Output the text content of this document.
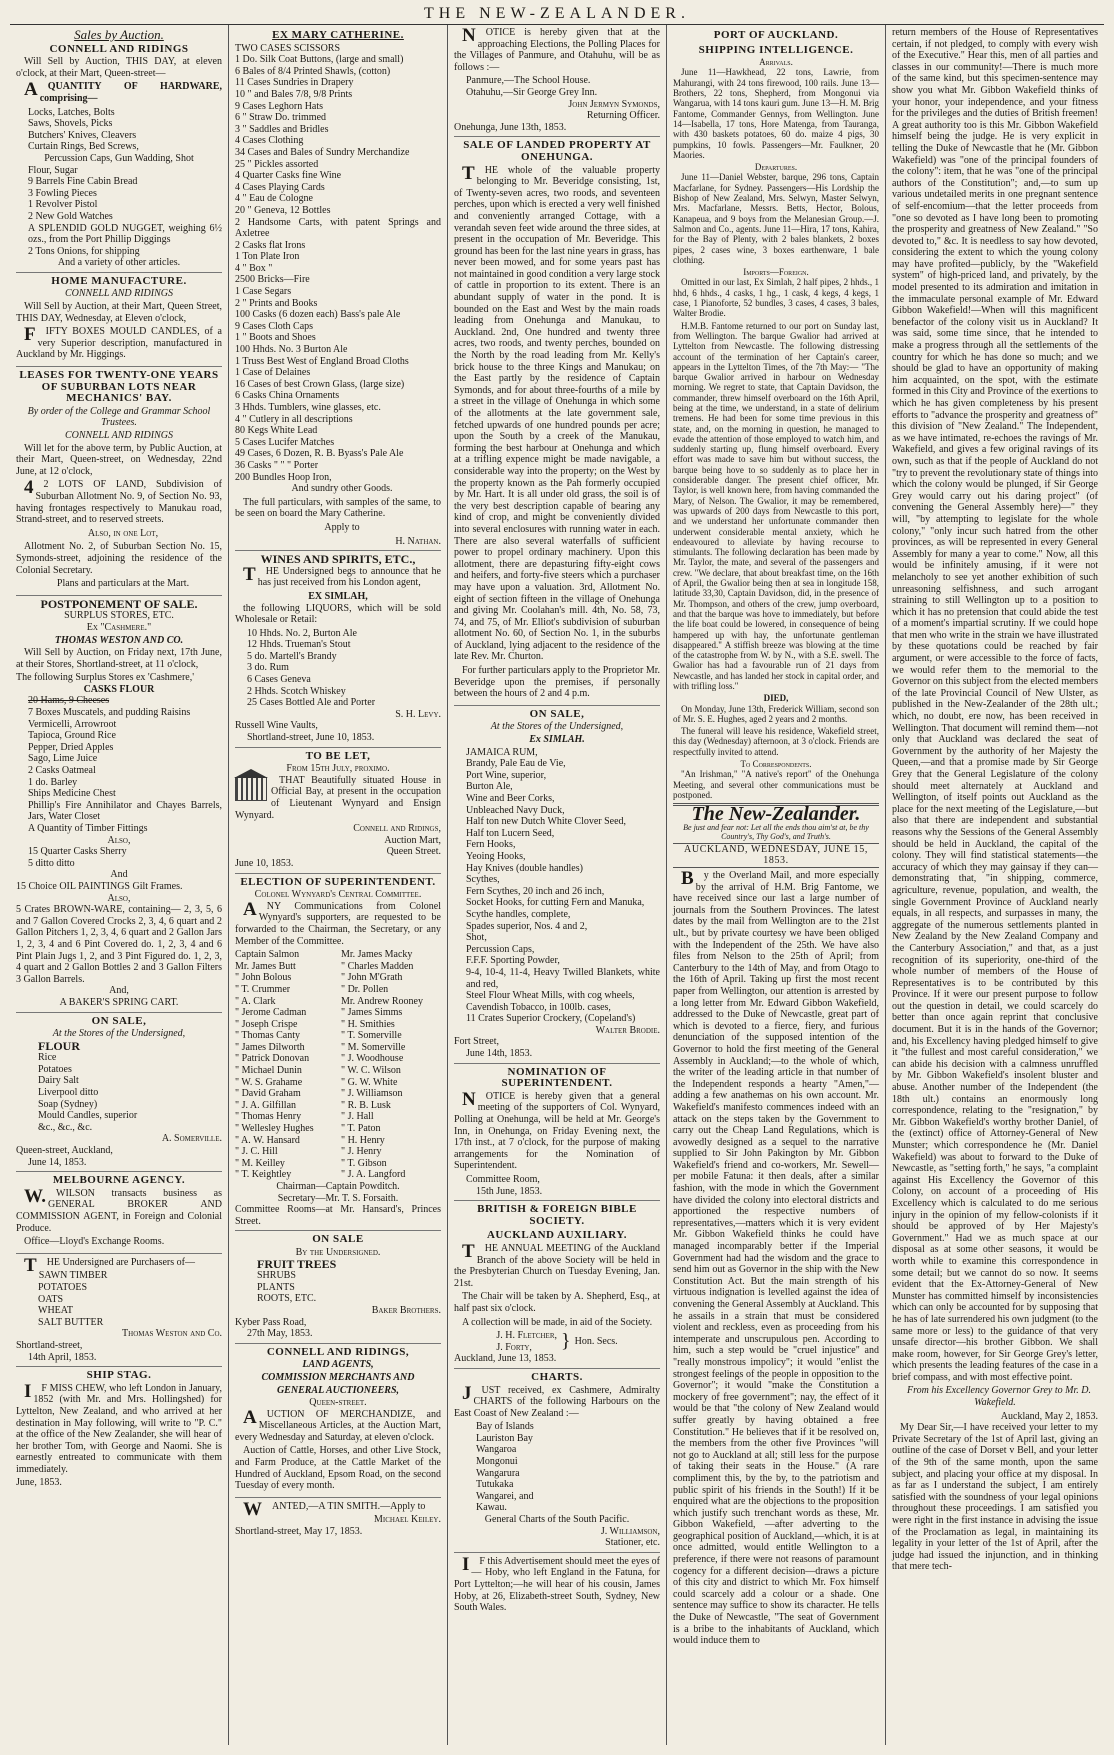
THE NEW-ZEALANDER.
Sales by Auction.
CONNELL AND RIDINGS

Will Sell by Auction, THIS DAY, at eleven o'clock, at their Mart, Queen-street—

AQUANTITY OF HARDWARE, comprising—

Locks, Latches, Bolts

Saws, Shovels, Picks

Butchers' Knives, Cleavers

Curtain Rings, Bed Screws,

Percussion Caps, Gun Wadding, Shot

Flour, Sugar

9 Barrels Fine Cabin Bread

3 Fowling Pieces

1 Revolver Pistol

2 New Gold Watches

A SPLENDID GOLD NUGGET, weighing 6½ ozs., from the Port Phillip Diggings

2 Tons Onions, for shipping

And a variety of other articles.

HOME MANUFACTURE.
CONNELL AND RIDINGS

Will Sell by Auction, at their Mart, Queen Street, THIS DAY, Wednesday, at Eleven o'clock,

FIFTY BOXES MOULD CANDLES, of a very Superior description, manufactured in Auckland by Mr. Higgings.

LEASES FOR TWENTY-ONE YEARS OF SUBURBAN LOTS NEAR MECHANICS' BAY.
By order of the College and Grammar School Trustees.
CONNELL AND RIDINGS

Will let for the above term, by Public Auction, at their Mart, Queen-street, on Wednesday, 22nd June, at 12 o'clock,

42 LOTS OF LAND, Subdivision of Suburban Allotment No. 9, of Section No. 93, having frontages respectively to Manukau road, Strand-street, and to reserved streets.

Also, in one Lot,

Allotment No. 2, of Suburban Section No. 15, Symonds-street, adjoining the residence of the Colonial Secretary.

Plans and particulars at the Mart.

POSTPONEMENT OF SALE.
SURPLUS STORES, ETC.
Ex "Cashmere."
THOMAS WESTON AND CO.

Will Sell by Auction, on Friday next, 17th June, at their Stores, Shortland-street, at 11 o'clock,

The following Surplus Stores ex 'Cashmere,'

CASKS FLOUR

20 Hams, 9 Cheeses

7 Boxes Muscatels, and pudding Raisins

Vermicelli, Arrowroot

Tapioca, Ground Rice

Pepper, Dried Apples

Sago, Lime Juice

2 Casks Oatmeal

1 do. Barley

Ships Medicine Chest

Phillip's Fire Annihilator and Chayes Barrels, Jars, Water Closet

A Quantity of Timber Fittings

Also,

15 Quarter Casks Sherry

5 ditto ditto

And

15 Choice OIL PAINTINGS Gilt Frames.

Also,

5 Crates BROWN-WARE, containing— 2, 3, 5, 6 and 7 Gallon Covered Crocks 2, 3, 4, 6 quart and 2 Gallon Pitchers 1, 2, 3, 4, 6 quart and 2 Gallon Jars 1, 2, 3, 4 and 6 Pint Covered do. 1, 2, 3, 4 and 6 Pint Plain Jugs 1, 2, and 3 Pint Figured do. 1, 2, 3, 4 quart and 2 Gallon Bottles 2 and 3 Gallon Filters 3 Gallon Barrels.

And,

A BAKER'S SPRING CART.

ON SALE,
At the Stores of the Undersigned,

FLOUR

Rice

Potatoes

Dairy Salt

Liverpool ditto

Soap (Sydney)

Mould Candles, superior

&c., &c., &c.

A. Somerville.

Queen-street, Auckland,

June 14, 1853.

MELBOURNE AGENCY.

W.WILSON transacts business as GENERAL BROKER AND COMMISSION AGENT, in Foreign and Colonial Produce.

Office—Lloyd's Exchange Rooms.

THE Undersigned are Purchasers of—

SAWN TIMBER

POTATOES

OATS

WHEAT

SALT BUTTER

Thomas Weston and Co.

Shortland-street,

14th April, 1853.

SHIP STAG.

IF MISS CHEW, who left London in January, 1852 (with Mr. and Mrs. Hollingshed) for Lyttelton, New Zealand, and who arrived at her destination in May following, will write to "P. C." at the office of the New Zealander, she will hear of her brother Tom, with George and Naomi. She is earnestly entreated to communicate with them immediately.

June, 1853.

EX MARY CATHERINE.

TWO CASES SCISSORS

1 Do. Silk Coat Buttons, (large and small)

6 Bales of 8/4 Printed Shawls, (cotton)

11 Cases Sundries in Drapery

10 " and Bales 7/8, 9/8 Prints

9 Cases Leghorn Hats

6 " Straw Do. trimmed

3 " Saddles and Bridles

4 Cases Clothing

34 Cases and Bales of Sundry Merchandize

25 " Pickles assorted

4 Quarter Casks fine Wine

4 Cases Playing Cards

4 " Eau de Cologne

20 " Geneva, 12 Bottles

2 Handsome Carts, with patent Springs and Axletree

2 Casks flat Irons

1 Ton Plate Iron

4 " Box "

2500 Bricks—Fire

1 Case Segars

2 " Prints and Books

100 Casks (6 dozen each) Bass's pale Ale

9 Cases Cloth Caps

1 " Boots and Shoes

100 Hhds. No. 3 Burton Ale

1 Truss Best West of England Broad Cloths

1 Case of Delaines

16 Cases of best Crown Glass, (large size)

6 Casks China Ornaments

3 Hhds. Tumblers, wine glasses, etc.

4 " Cutlery in all descriptions

80 Kegs White Lead

5 Cases Lucifer Matches

49 Cases, 6 Dozen, R. B. Byass's Pale Ale

36 Casks " " " Porter

200 Bundles Hoop Iron,

And sundry other Goods.

The full particulars, with samples of the same, to be seen on board the Mary Catherine.

Apply to

H. Nathan.

WINES AND SPIRITS, ETC.,

THE Undersigned begs to announce that he has just received from his London agent,

EX SIMLAH,

the following LIQUORS, which will be sold Wholesale or Retail:

10 Hhds. No. 2, Burton Ale

12 Hhds. Trueman's Stout

5 do. Martell's Brandy

3 do. Rum

6 Cases Geneva

2 Hhds. Scotch Whiskey

25 Cases Bottled Ale and Porter

S. H. Levy.

Russell Wine Vaults,

Shortland-street, June 10, 1853.

TO BE LET,
From 15th July, proximo.

THAT Beautifully situated House in Official Bay, at present in the occupation of Lieutenant Wynyard and Ensign Wynyard.

Connell and Ridings,

Auction Mart,

Queen Street.

June 10, 1853.

ELECTION OF SUPERINTENDENT.
Colonel Wynyard's Central Committee.

ANY Communications from Colonel Wynyard's supporters, are requested to be forwarded to the Chairman, the Secretary, or any Member of the Committee.

Captain Salmon

Mr. James Butt

" John Bolous

" T. Crummer

" A. Clark

" Jerome Cadman

" Joseph Crispe

" Thomas Canty

" James Dilworth

" Patrick Donovan

" Michael Dunin

" W. S. Grahame

" David Graham

" J. A. Gilfillan

" Thomas Henry

" Wellesley Hughes

" A. W. Hansard

" J. C. Hill

" M. Keilley

" T. Keightley

Mr. James Macky

" Charles Madden

" John M'Grath

" Dr. Pollen

Mr. Andrew Rooney

" James Simms

" H. Smithies

" T. Somerville

" M. Somerville

" J. Woodhouse

" W. C. Wilson

" G. W. White

" J. Williamson

" R. B. Lusk

" J. Hall

" T. Paton

" H. Henry

" J. Henry

" T. Gibson

" J. A. Langford

Chairman—Captain Powditch.

Secretary—Mr. T. S. Forsaith.

Committee Rooms—at Mr. Hansard's, Princes Street.

ON SALE
By the Undersigned.

FRUIT TREES

SHRUBS

PLANTS

ROOTS, ETC.

Baker Brothers.

Kyber Pass Road,

27th May, 1853.

CONNELL AND RIDINGS,
LAND AGENTS,
COMMISSION MERCHANTS AND
GENERAL AUCTIONEERS,
Queen-street.

AUCTION OF MERCHANDIZE, and Miscellaneous Articles, at the Auction Mart, every Wednesday and Saturday, at eleven o'clock.

Auction of Cattle, Horses, and other Live Stock, and Farm Produce, at the Cattle Market of the Hundred of Auckland, Epsom Road, on the second Tuesday of every month.

WANTED,—A TIN SMITH.—Apply to

Michael Keiley.

Shortland-street, May 17, 1853.

NOTICE is hereby given that at the approaching Elections, the Polling Places for the Villages of Panmure, and Otahuhu, will be as follows :—

Panmure,—The School House.

Otahuhu,—Sir George Grey Inn.

John Jermyn Symonds,

Returning Officer.

Onehunga, June 13th, 1853.

SALE OF LANDED PROPERTY AT ONEHUNGA.

THE whole of the valuable property belonging to Mr. Beveridge consisting, 1st, of Twenty-seven acres, two roods, and seventeen perches, upon which is erected a very well finished and conveniently arranged Cottage, with a verandah seven feet wide around the three sides, at present in the occupation of Mr. Beveridge. This ground has been for the last nine years in grass, has never been mowed, and for some years past has not maintained in good condition a very large stock of cattle in proportion to its extent. There is an abundant supply of water in the pond. It is bounded on the East and West by the main roads leading from Onehunga and Manukau, to Auckland. 2nd, One hundred and twenty three acres, two roods, and twenty perches, bounded on the North by the road leading from Mr. Kelly's brick house to the three Kings and Manukau; on the East partly by the residence of Captain Symonds, and for about three-fourths of a mile by a street in the village of Onehunga in which some of the allotments at the late government sale, fetched upwards of one hundred pounds per acre; upon the South by a creek of the Manukau, forming the best harbour at Onehunga and which at a trifling expence might be made navigable, a considerable way into the property; on the West by the property known as the Pah formerly occupied by Mr. Hart. It is all under old grass, the soil is of the very best description capable of bearing any kind of crop, and might be conveniently divided into several enclosures with running water in each. There are also several waterfalls of sufficient power to propel ordinary machinery. Upon this allotment, there are depasturing fifty-eight cows and heifers, and forty-five steers which a purchaser may have upon a valuation. 3rd, Allotment No. eight of section fifteen in the village of Onehunga and giving Mr. Coolahan's mill. 4th, No. 58, 73, 74, and 75, of Mr. Elliot's subdivision of suburban allotment No. 60, of Section No. 1, in the suburbs of Auckland, lying adjacent to the residence of the late Rev. Mr. Churton.

For further particulars apply to the Proprietor Mr. Beveridge upon the premises, if personally between the hours of 2 and 4 p.m.

ON SALE,
At the Stores of the Undersigned,
Ex SIMLAH.

JAMAICA RUM,

Brandy, Pale Eau de Vie,

Port Wine, superior,

Burton Ale,

Wine and Beer Corks,

Unbleached Navy Duck,

Half ton new Dutch White Clover Seed,

Half ton Lucern Seed,

Fern Hooks,

Yeoing Hooks,

Hay Knives (double handles)

Scythes,

Fern Scythes, 20 inch and 26 inch,

Socket Hooks, for cutting Fern and Manuka,

Scythe handles, complete,

Spades superior, Nos. 4 and 2,

Shot,

Percussion Caps,

F.F.F. Sporting Powder,

9-4, 10-4, 11-4, Heavy Twilled Blankets, white and red,

Steel Flour Wheat Mills, with cog wheels,

Cavendish Tobacco, in 100lb. cases,

11 Crates Superior Crockery, (Copeland's)

Walter Brodie.

Fort Street,

June 14th, 1853.

NOMINATION OF SUPERINTENDENT.

NOTICE is hereby given that a general meeting of the supporters of Col. Wynyard, Polling at Onehunga, will be held at Mr. George's Inn, in Onehunga, on Friday Evening next, the 17th inst., at 7 o'clock, for the purpose of making arrangements for the Nomination of Superintendent.

Committee Room,

15th June, 1853.

BRITISH & FOREIGN BIBLE SOCIETY.
AUCKLAND AUXILIARY.

THE ANNUAL MEETING of the Auckland Branch of the above Society will be held in the Presbyterian Church on Tuesday Evening, Jan. 21st.

The Chair will be taken by A. Shepherd, Esq., at half past six o'clock.

A collection will be made, in aid of the Society.

J. H. Fletcher,

J. Forty,	} Hon. Secs.

Auckland, June 13, 1853.

CHARTS.

JUST received, ex Cashmere, Admiralty CHARTS of the following Harbours on the East Coast of New Zealand :—

Bay of Islands

Lauriston Bay

Wangaroa

Mongonui

Wangarura

Tutukaka

Wangarei, and

Kawau.

General Charts of the South Pacific.

J. Williamson,

Stationer, etc.

IF this Advertisement should meet the eyes of — Hoby, who left England in the Fatuna, for Port Lyttelton;—he will hear of his cousin, James Hoby, at 26, Elizabeth-street South, Sydney, New South Wales.

PORT OF AUCKLAND.
SHIPPING INTELLIGENCE.
Arrivals.

June 11—Hawkhead, 22 tons, Lawrie, from Mahurangi, with 24 tons firewood, 100 rails. June 13—Brothers, 22 tons, Shepherd, from Mongonui via Wangarua, with 14 tons kauri gum. June 13—H. M. Brig Fantome, Commander Gennys, from Wellington. June 14—Isabella, 17 tons, Hore Matenga, from Tauranga, with 430 baskets potatoes, 60 do. maize 4 pigs, 30 pumpkins, 10 fowls. Passengers—Mr. Faulkner, 20 Maories.

Departures.

June 11—Daniel Webster, barque, 296 tons, Captain Macfarlane, for Sydney. Passengers—His Lordship the Bishop of New Zealand, Mrs. Selwyn, Master Selwyn, Mrs. Macfarlane, Messrs. Betts, Hector, Bolous, Kanapeua, and 9 boys from the Melanesian Group.—J. Salmon and Co., agents. June 11—Hira, 17 tons, Kahira, for the Bay of Plenty, with 2 bales blankets, 2 boxes pipes, 2 cases wine, 3 boxes earthenware, 1 bale clothing.

Imports—Foreign.

Omitted in our last, Ex Simlah, 2 half pipes, 2 hhds., 1 hhd, 6 hhds., 4 casks, 1 hg., 1 cask, 4 kegs, 4 kegs, 1 case, 1 Pianoforte, 52 bundles, 3 cases, 4 cases, 3 bales, Walter Brodie.

H.M.B. Fantome returned to our port on Sunday last, from Wellington. The barque Gwalior had arrived at Lyttelton from Newcastle. The following distressing account of the termination of her Captain's career, appears in the Lyttelton Times, of the 7th May:— "The barque Gwalior arrived in harbour on Wednesday morning. We regret to state, that Captain Davidson, the commander, threw himself overboard on the 16th April, being at the time, we understand, in a state of delirium tremens. He had been for some time previous in this state, and, on the morning in question, he managed to evade the attention of those employed to watch him, and suddenly starting up, flung himself overboard. Every effort was made to save him but without success, the barque being hove to so suddenly as to place her in considerable danger. The present chief officer, Mr. Taylor, is well known here, from having commanded the Mary, of Nelson. The Gwalior, it may be remembered, was upwards of 200 days from Newcastle to this port, and we understand her unfortunate commander then underwent considerable mental anxiety, which he endeavoured to alleviate by having recourse to stimulants. The following declaration has been made by Mr. Taylor, the mate, and several of the passengers and crew. "We declare, that about breakfast time, on the 16th of April, the Gwalior being then at sea in longitude 158, latitude 33,30, Captain Davidson, did, in the presence of Mr. Thompson, and others of the crew, jump overboard, and that the barque was hove to immediately, but before the life boat could be lowered, in consequence of being hampered up with hay, the unfortunate gentleman disappeared." A stiffish breeze was blowing at the time of the catastrophe from W. by N., with a S.E. swell. The Gwalior has had a favourable run of 21 days from Newcastle, and has landed her stock in capital order, and with trifling loss."

DIED,

On Monday, June 13th, Frederick William, second son of Mr. S. E. Hughes, aged 2 years and 2 months.

The funeral will leave his residence, Wakefield street, this day (Wednesday) afternoon, at 3 o'clock. Friends are respectfully invited to attend.

To Correspondents.

"An Irishman," "A native's report" of the Onehunga Meeting, and several other communications must be postponed.

The New-Zealander.
Be just and fear not: Let all the ends thou aim'st at, be thy Country's, Thy God's, and Truth's.
AUCKLAND, WEDNESDAY, JUNE 15, 1853.

By the Overland Mail, and more especially by the arrival of H.M. Brig Fantome, we have received since our last a large number of journals from the Southern Provinces. The latest dates by the mail from Wellington are to the 21st ult., but by private courtesy we have been obliged with the Independent of the 25th. We have also files from Nelson to the 25th of April; from Canterbury to the 14th of May, and from Otago to the 16th of April. Taking up first the most recent paper from Wellington, our attention is arrested by a long letter from Mr. Edward Gibbon Wakefield, addressed to the Duke of Newcastle, great part of which is devoted to a fierce, fiery, and furious denunciation of the supposed intention of the Governor to hold the first meeting of the General Assembly in Auckland;—to the whole of which, the writer of the leading article in that number of the Independent responds a hearty "Amen,"—adding a few anathemas on his own account. Mr. Wakefield's manifesto commences indeed with an attack on the steps taken by the Government to carry out the Cheap Land Regulations, which is avowedly designed as a sequel to the narrative supplied to Sir John Pakington by Mr. Gibbon Wakefield's friend and co-workers, Mr. Sewell—per mobile Fatuna: it then deals, after a similar fashion, with the mode in which the Government have divided the colony into electoral districts and apportioned the respective numbers of representatives,—matters which it is very evident Mr. Gibbon Wakefield thinks he could have managed incomparably better if the Imperial Government had had the wisdom and the grace to send him out as Governor in the ship with the New Constitution Act. But the main strength of his virtuous indignation is levelled against the idea of convening the General Assembly at Auckland. This he assails in a strain that must be considered violent and reckless, even as proceeding from his intemperate and unscrupulous pen. According to him, such a step would be "cruel injustice" and "really monstrous impolicy"; it would "enlist the strongest feelings of the people in opposition to the Governor"; it would "make the Constitution a mockery of free government"; nay, the effect of it would be that "the colony of New Zealand would suffer greatly by having obtained a free Constitution." He believes that if it be resolved on, the members from the other five Provinces "will not go to Auckland at all; still less for the purpose of taking their seats in the House." (A rare compliment this, by the by, to the patriotism and public spirit of his friends in the South!) If it be enquired what are the objections to the proposition which justify such trenchant words as these, Mr. Gibbon Wakefield, —after adverting to the geographical position of Auckland,—which, it is at once admitted, would entitle Wellington to a preference, if there were not reasons of paramount cogency for a different decision—draws a picture of this city and district to which Mr. Fox himself could scarcely add a colour or a shade. One sentence may suffice to show its character. He tells the Duke of Newcastle, "The seat of Government is a bribe to the inhabitants of Auckland, which would induce them to

return members of the House of Representatives certain, if not pledged, to comply with every wish of the Executive." Hear this, men of all parties and classes in our community!—There is much more of the same kind, but this specimen-sentence may show you what Mr. Gibbon Wakefield thinks of your honor, your independence, and your fitness for the privileges and the duties of British freemen! A great authority too is this Mr. Gibbon Wakefield himself being the judge. He is very explicit in telling the Duke of Newcastle that he (Mr. Gibbon Wakefield) was "one of the principal founders of the colony": item, that he was "one of the principal authors of the Constitution"; and,—to sum up various undetailed merits in one pregnant sentence of self-encomium—that the letter proceeds from "one so devoted as I have long been to promoting the prosperity and greatness of New Zealand." "So devoted to," &c. It is needless to say how devoted, considering the extent to which the young colony may have profited—publicly, by the "Wakefield system" of high-priced land, and privately, by the model presented to its admiration and imitation in the immaculate personal example of Mr. Edward Gibbon Wakefield!—When will this magnificent benefactor of the colony visit us in Auckland? It was said, some time since, that he intended to make a progress through all the settlements of the country for which he has done so much; and we should be glad to have an opportunity of making him acquainted, on the spot, with the estimate formed in this City and Province of the exertions to which he has given completeness by his present efforts to "advance the prosperity and greatness of" this division of "New Zealand." The Independent, as we have intimated, re-echoes the ravings of Mr. Wakefield, and gives a few original ravings of its own, such as that if the people of Auckland do not "try to prevent the revolutionary state of things into which the colony would be plunged, if Sir George Grey would carry out his daring project" (of convening the General Assembly here)—" they will, "by attempting to legislate for the whole colony," "only incur such hatred from the other provinces, as will be represented in every General Assembly for many a year to come." Now, all this would be infinitely amusing, if it were not melancholy to see yet another exhibition of such unreasoning selfishness, and such arrogant straining to still Wellington up to a position to which it has no pretension that could abide the test of a moment's impartial scrutiny. If we could hope that men who write in the strain we have illustrated by these quotations could be reached by fair argument, or were accessible to the force of facts, we would refer them to the memorial to the Governor on this subject from the elected members of the late Provincial Council of New Ulster, as published in the New-Zealander of the 28th ult.; which, no doubt, ere now, has been received in Wellington. That document will remind them—not only that Auckland was declared the seat of Government by the authority of her Majesty the Queen,—and that a promise made by Sir George Grey that the General Legislature of the colony should meet alternately at Auckland and Wellington, of itself points out Auckland as the place for the next meeting of the Legislature,—but also that there are independent and substantial reasons why the Sessions of the General Assembly should be held in Auckland, the capital of the colony. They will find statistical statements—the accuracy of which they may gainsay if they can—demonstrating that, "in shipping, commerce, agriculture, revenue, population, and wealth, the single Government Province of Auckland nearly equals, in all respects, and surpasses in many, the aggregate of the numerous settlements planted in New Zealand by the New Zealand Company and the Canterbury Association," and that, as a just recognition of its superiority, one-third of the whole number of members of the House of Representatives is to be contributed by this Province. If it were our present purpose to follow out the question in detail, we could scarcely do better than once again reprint that conclusive document. But it is in the hands of the Governor; and, his Excellency having pledged himself to give it "the fullest and most careful consideration," we can abide his decision with a calmness unruffled by Mr. Gibbon Wakefield's insolent bluster and abuse. Another number of the Independent (the 18th ult.) contains an enormously long correspondence, relating to the "resignation," by Mr. Gibbon Wakefield's worthy brother Daniel, of the (extinct) office of Attorney-General of New Munster; which correspondence he (Mr. Daniel Wakefield) was about to forward to the Duke of Newcastle, as "setting forth," he says, "a complaint against His Excellency the Governor of this Colony, on account of a proceeding of His Excellency which is calculated to do me serious injury in the opinion of my fellow-colonists if it should be approved of by Her Majesty's Government." Had we as much space at our disposal as at some other seasons, it would be worth while to examine this correspondence in some detail; but we cannot do so now. It seems evident that the Ex-Attorney-General of New Munster has committed himself by inconsistencies which can only be accounted for by supposing that he has of late surrendered his own judgment (to the same more or less) to the guidance of that very unsafe director—his brother Gibbon. We shall make room, however, for Sir George Grey's letter, which presents the leading features of the case in a brief compass, and with most effective point.

From his Excellency Governor Grey to Mr. D. Wakefield.

Auckland, May 2, 1853.

My Dear Sir,—I have received your letter to my Private Secretary of the 1st of April last, giving an outline of the case of Dorset v Bell, and your letter of the 9th of the same month, upon the same subject, and placing your office at my disposal. In as far as I understand the subject, I am entirely satisfied with the soundness of your legal opinions throughout these proceedings. I am satisfied you were right in the first instance in advising the issue of the Proclamation as legal, in maintaining its legality in your letter of the 1st of April, after the judge had issued the injunction, and in thinking that mere tech-
